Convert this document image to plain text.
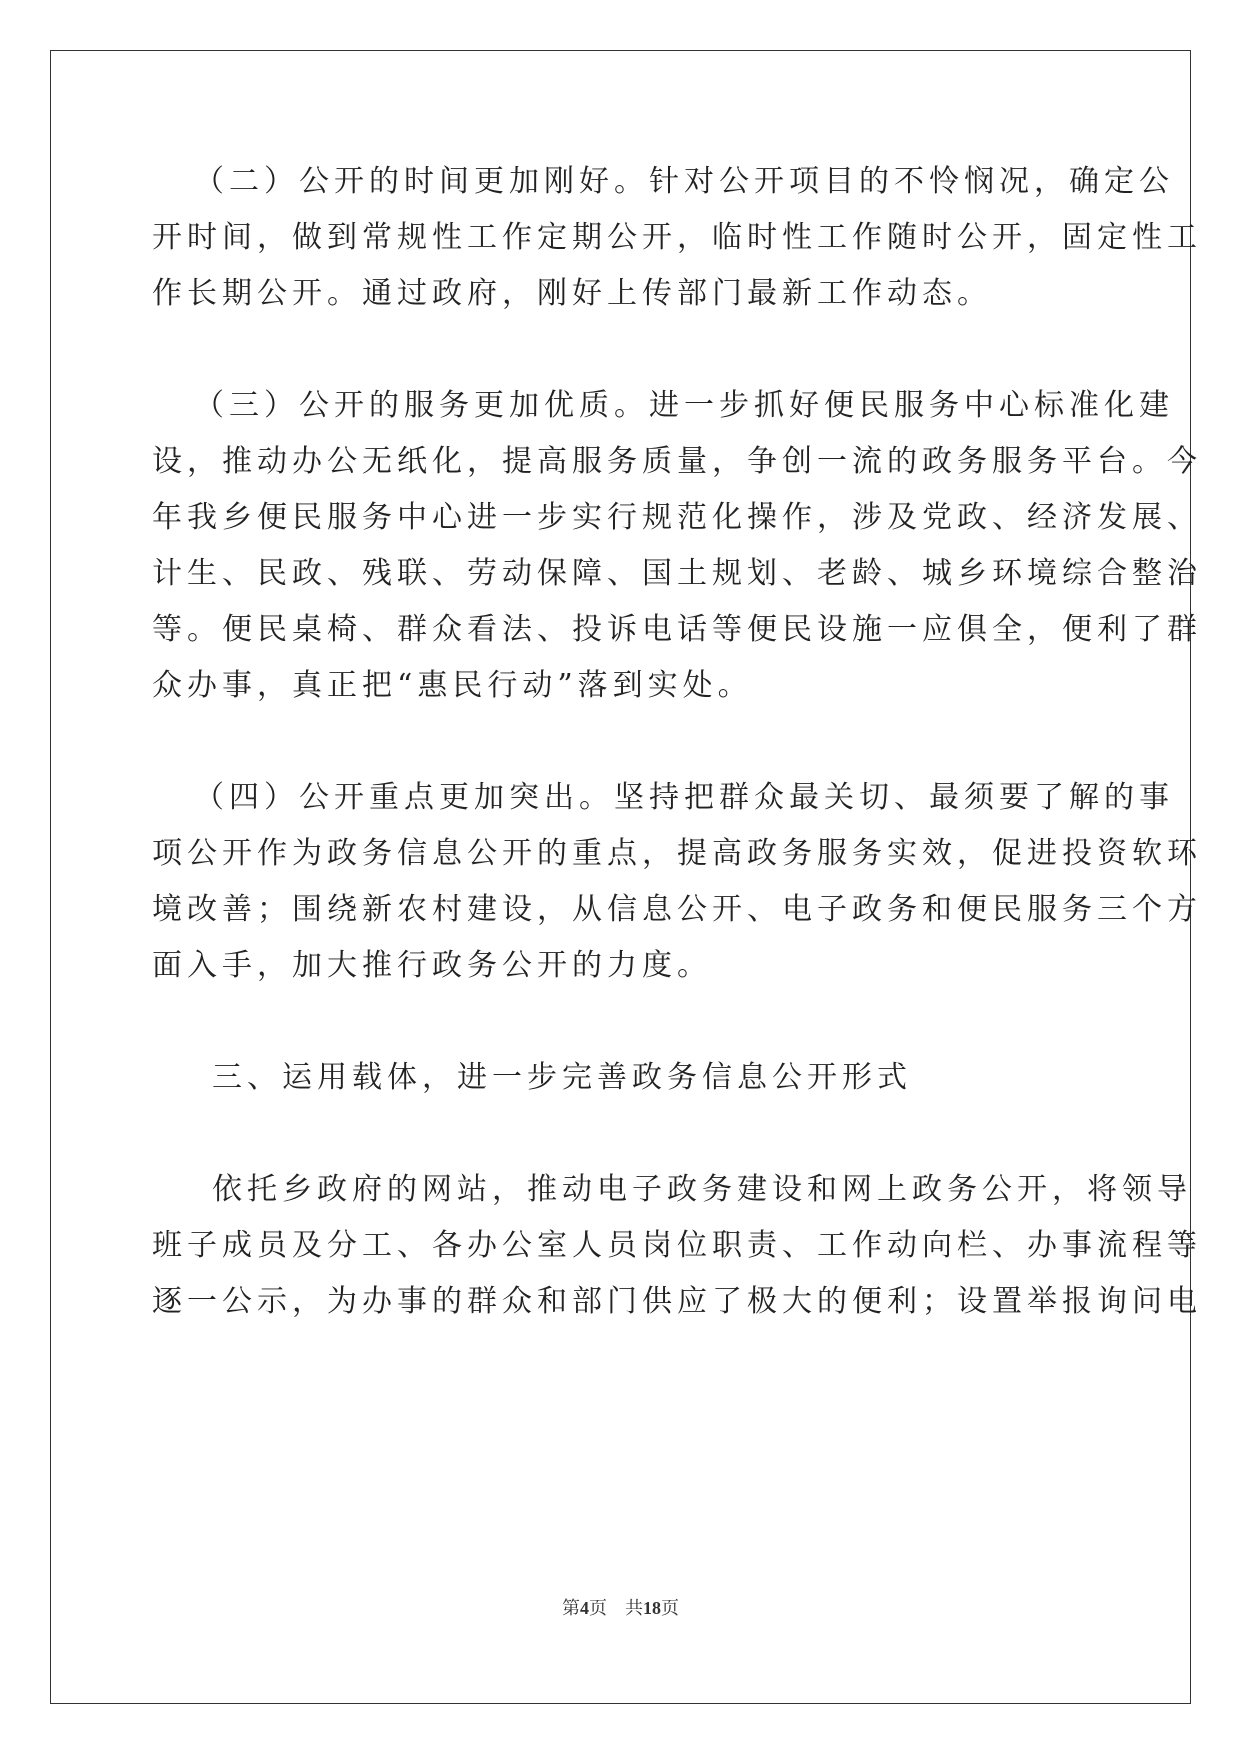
（二）公开的时间更加刚好。针对公开项目的不怜悯况，确定公
开时间，做到常规性工作定期公开，临时性工作随时公开，固定性工
作长期公开。通过政府，刚好上传部门最新工作动态。
（三）公开的服务更加优质。进一步抓好便民服务中心标准化建
设，推动办公无纸化，提高服务质量，争创一流的政务服务平台。今
年我乡便民服务中心进一步实行规范化操作，涉及党政、经济发展、
计生、民政、残联、劳动保障、国土规划、老龄、城乡环境综合整治
等。便民桌椅、群众看法、投诉电话等便民设施一应俱全，便利了群
众办事，真正把“惠民行动”落到实处。
（四）公开重点更加突出。坚持把群众最关切、最须要了解的事
项公开作为政务信息公开的重点，提高政务服务实效，促进投资软环
境改善；围绕新农村建设，从信息公开、电子政务和便民服务三个方
面入手，加大推行政务公开的力度。
三、运用载体，进一步完善政务信息公开形式
依托乡政府的网站，推动电子政务建设和网上政务公开，将领导
班子成员及分工、各办公室人员岗位职责、工作动向栏、办事流程等
逐一公示，为办事的群众和部门供应了极大的便利；设置举报询问电
第4页　共18页
